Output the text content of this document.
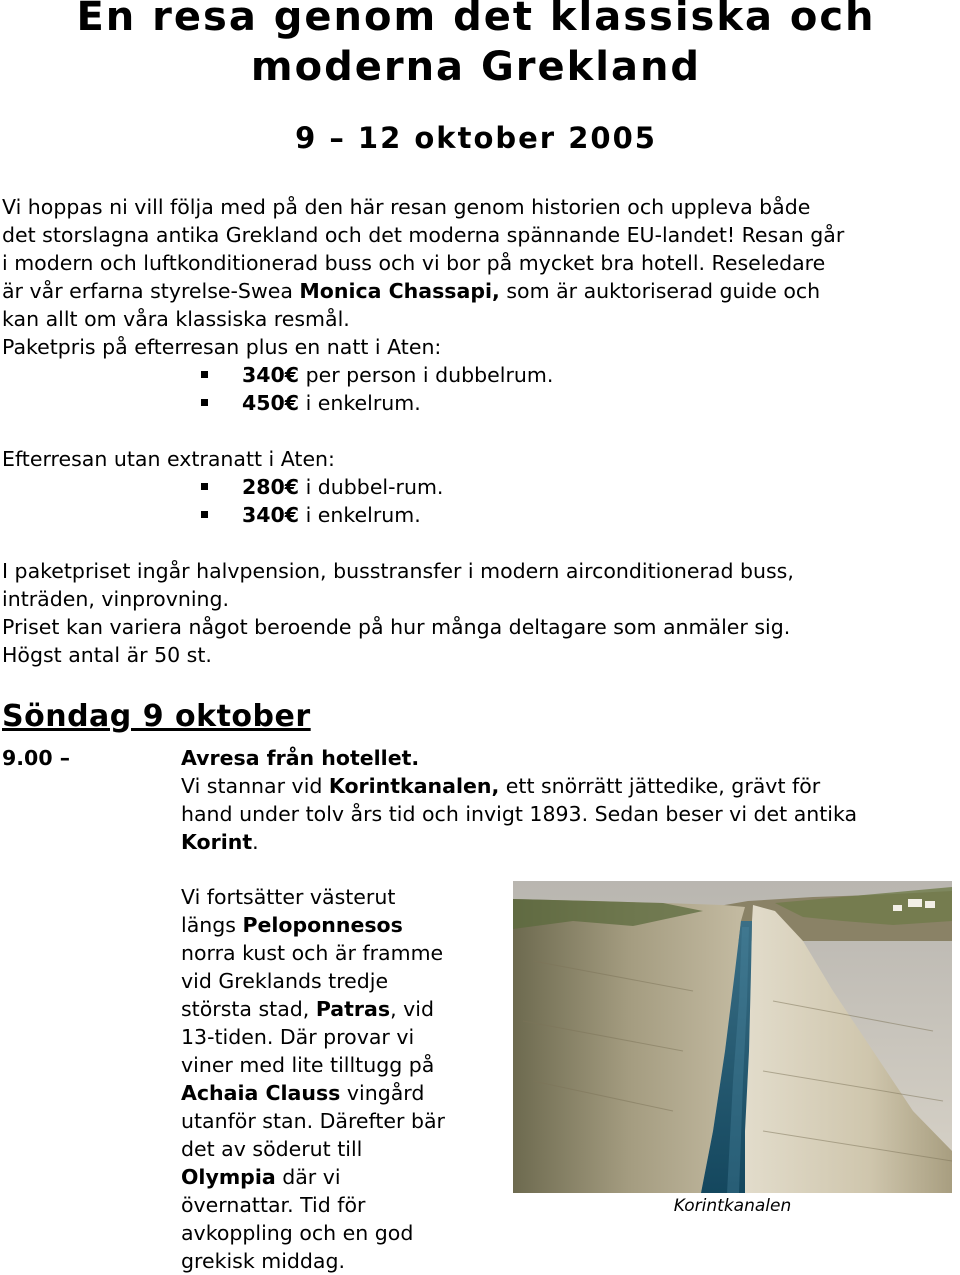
En resa genom det klassiska och moderna Grekland
9 – 12 oktober 2005
Vi hoppas ni vill följa med på den här resan genom historien och uppleva både
det storslagna antika Grekland och det moderna spännande EU-landet! Resan går
i modern och luftkonditionerad buss och vi bor på mycket bra hotell. Reseledare
är vår erfarna styrelse-Swea Monica Chassapi, som är auktoriserad guide och
kan allt om våra klassiska resmål.
Paketpris på efterresan plus en natt i Aten:
340€ per person i dubbelrum.
450€ i enkelrum.
Efterresan utan extranatt i Aten:
280€ i dubbel-rum.
340€ i enkelrum.
I paketpriset ingår halvpension, busstransfer i modern airconditionerad buss,
inträden, vinprovning.
Priset kan variera något beroende på hur många deltagare som anmäler sig.
Högst antal är 50 st.
Söndag 9 oktober
9.00 –	Avresa från hotellet.
Vi stannar vid Korintkanalen, ett snörrätt jättedike, grävt för
hand under tolv års tid och invigt 1893. Sedan beser vi det antika
Korint.
Vi fortsätter västerut
längs Peloponnesos
norra kust och är framme
vid Greklands tredje
största stad, Patras, vid
13-tiden. Där provar vi
viner med lite tilltugg på
Achaia Clauss vingård
utanför stan. Därefter bär
det av söderut till
Olympia där vi
övernattar. Tid för
avkoppling och en god
grekisk middag.
Korintkanalen
